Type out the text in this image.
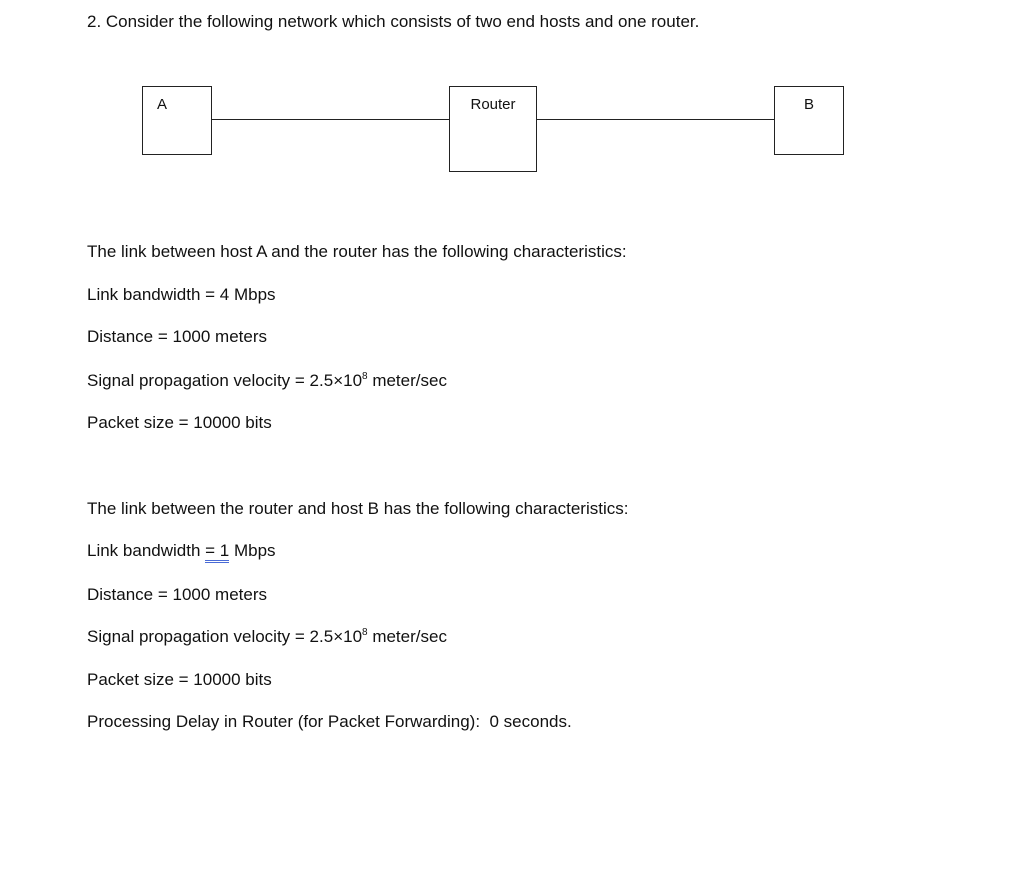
2. Consider the following network which consists of two end hosts and one router.
A	Router	B
The link between host A and the router has the following characteristics:
Link bandwidth = 4 Mbps
Distance = 1000 meters
Signal propagation velocity = $2.5\times 10^8$ meter/sec
Packet size = 10000 bits
The link between the router and host B has the following characteristics:
Link bandwidth = 1 Mbps
Distance = 1000 meters
Signal propagation velocity = $2.5\times 10^8$ meter/sec
Packet size = 10000 bits
Processing Delay in Router (for Packet Forwarding):  0 seconds.
